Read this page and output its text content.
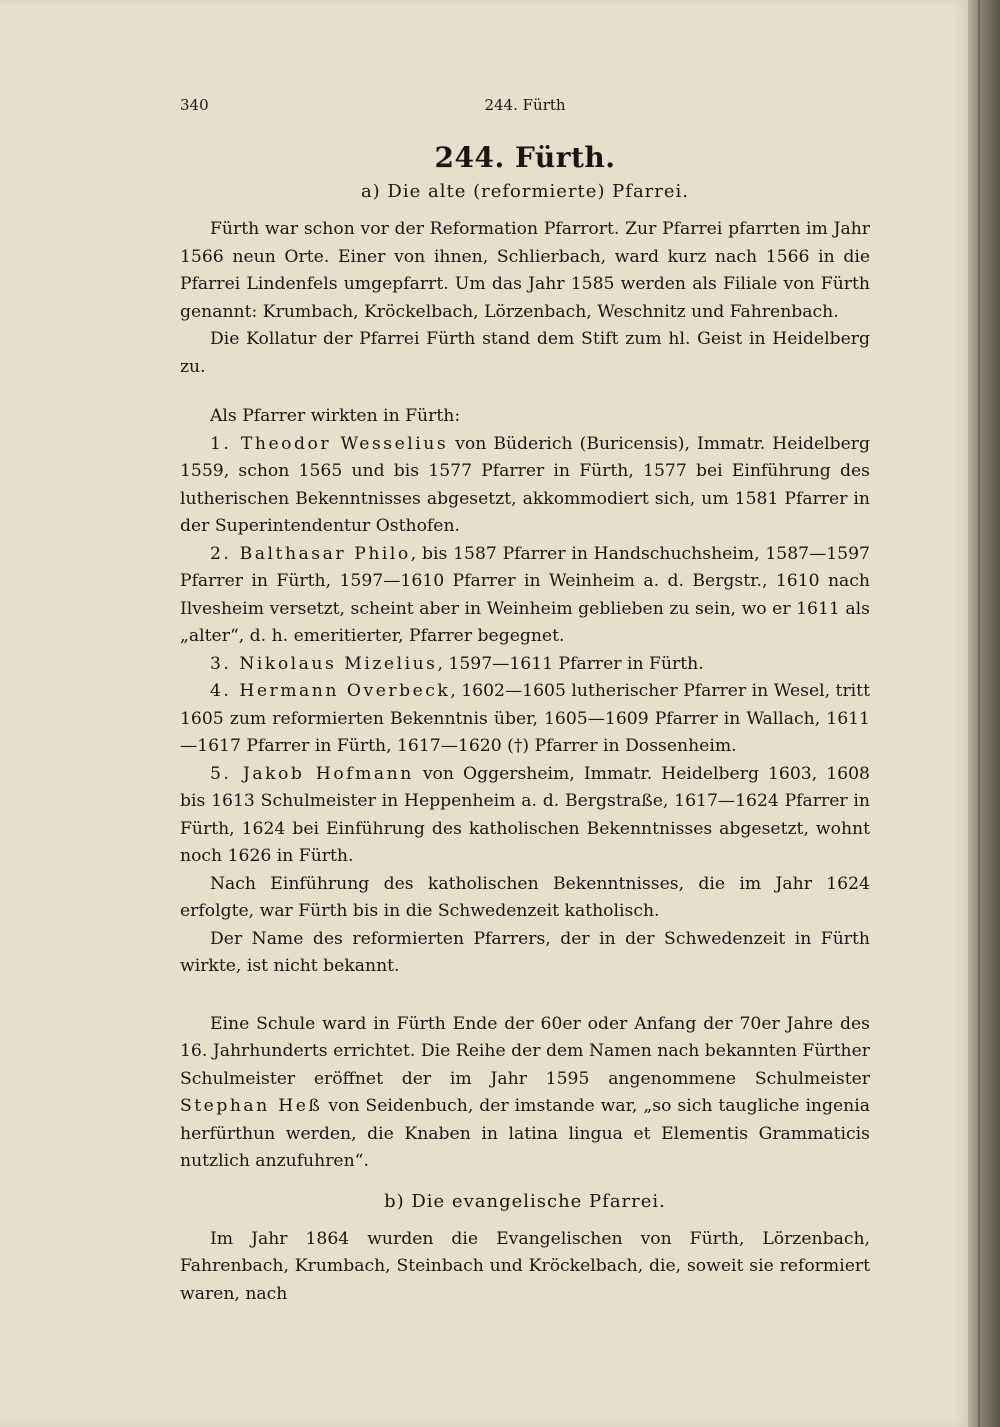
340	244. Fürth
244. Fürth.
a) Die alte (reformierte) Pfarrei.

Fürth war schon vor der Reformation Pfarrort. Zur Pfarrei pfarrten im Jahr 1566 neun Orte. Einer von ihnen, Schlierbach, ward kurz nach 1566 in die Pfarrei Lindenfels umgepfarrt. Um das Jahr 1585 werden als Filiale von Fürth genannt: Krumbach, Kröckelbach, Lörzenbach, Weschnitz und Fahrenbach.

Die Kollatur der Pfarrei Fürth stand dem Stift zum hl. Geist in Heidelberg zu.

Als Pfarrer wirkten in Fürth:

1. Theodor Wesselius von Büderich (Buricensis), Immatr. Heidelberg 1559, schon 1565 und bis 1577 Pfarrer in Fürth, 1577 bei Einführung des lutherischen Bekenntnisses abgesetzt, akkommodiert sich, um 1581 Pfarrer in der Superintendentur Osthofen.

2. Balthasar Philo, bis 1587 Pfarrer in Handschuchsheim, 1587—1597 Pfarrer in Fürth, 1597—1610 Pfarrer in Weinheim a. d. Bergstr., 1610 nach Ilvesheim versetzt, scheint aber in Weinheim geblieben zu sein, wo er 1611 als „alter“, d. h. emeritierter, Pfarrer begegnet.

3. Nikolaus Mizelius, 1597—1611 Pfarrer in Fürth.

4. Hermann Overbeck, 1602—1605 lutherischer Pfarrer in Wesel, tritt 1605 zum reformierten Bekenntnis über, 1605—1609 Pfarrer in Wallach, 1611—1617 Pfarrer in Fürth, 1617—1620 (†) Pfarrer in Dossenheim.

5. Jakob Hofmann von Oggersheim, Immatr. Heidelberg 1603, 1608 bis 1613 Schulmeister in Heppenheim a. d. Bergstraße, 1617—1624 Pfarrer in Fürth, 1624 bei Einführung des katholischen Bekenntnisses abgesetzt, wohnt noch 1626 in Fürth.

Nach Einführung des katholischen Bekenntnisses, die im Jahr 1624 erfolgte, war Fürth bis in die Schwedenzeit katholisch.

Der Name des reformierten Pfarrers, der in der Schwedenzeit in Fürth wirkte, ist nicht bekannt.

Eine Schule ward in Fürth Ende der 60er oder Anfang der 70er Jahre des 16. Jahrhunderts errichtet. Die Reihe der dem Namen nach bekannten Fürther Schulmeister eröffnet der im Jahr 1595 angenommene Schulmeister Stephan Heß von Seidenbuch, der imstande war, „so sich taugliche ingenia herfürthun werden, die Knaben in latina lingua et Elementis Grammaticis nutzlich anzufuhren“.

b) Die evangelische Pfarrei.

Im Jahr 1864 wurden die Evangelischen von Fürth, Lörzenbach, Fahrenbach, Krumbach, Steinbach und Kröckelbach, die, soweit sie reformiert waren, nach
